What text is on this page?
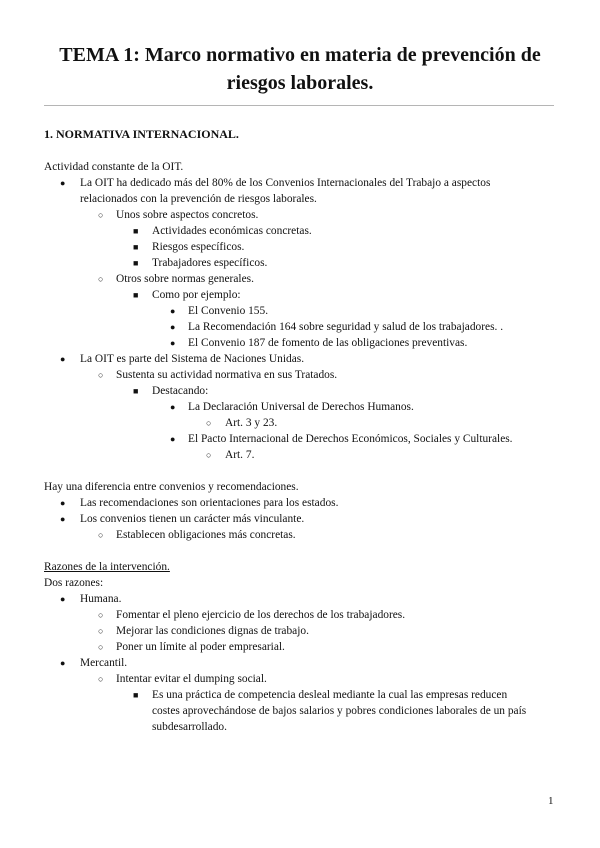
TEMA 1: Marco normativo en materia de prevención de riesgos laborales.
1. NORMATIVA INTERNACIONAL.
Actividad constante de la OIT.
● La OIT ha dedicado más del 80% de los Convenios Internacionales del Trabajo a aspectos
relacionados con la prevención de riesgos laborales.
○ Unos sobre aspectos concretos.
■ Actividades económicas concretas.
■ Riesgos específicos.
■ Trabajadores específicos.
○ Otros sobre normas generales.
■ Como por ejemplo:
● El Convenio 155.
● La Recomendación 164 sobre seguridad y salud de los trabajadores. .
● El Convenio 187 de fomento de las obligaciones preventivas.
● La OIT es parte del Sistema de Naciones Unidas.
○ Sustenta su actividad normativa en sus Tratados.
■ Destacando:
● La Declaración Universal de Derechos Humanos.
○ Art. 3 y 23.
● El Pacto Internacional de Derechos Económicos, Sociales y Culturales.
○ Art. 7.
Hay una diferencia entre convenios y recomendaciones.
● Las recomendaciones son orientaciones para los estados.
● Los convenios tienen un carácter más vinculante.
○ Establecen obligaciones más concretas.
Razones de la intervención.
Dos razones:
● Humana.
○ Fomentar el pleno ejercicio de los derechos de los trabajadores.
○ Mejorar las condiciones dignas de trabajo.
○ Poner un límite al poder empresarial.
● Mercantil.
○ Intentar evitar el dumping social.
■ Es una práctica de competencia desleal mediante la cual las empresas reducen
costes aprovechándose de bajos salarios y pobres condiciones laborales de un país
subdesarrollado.
1
